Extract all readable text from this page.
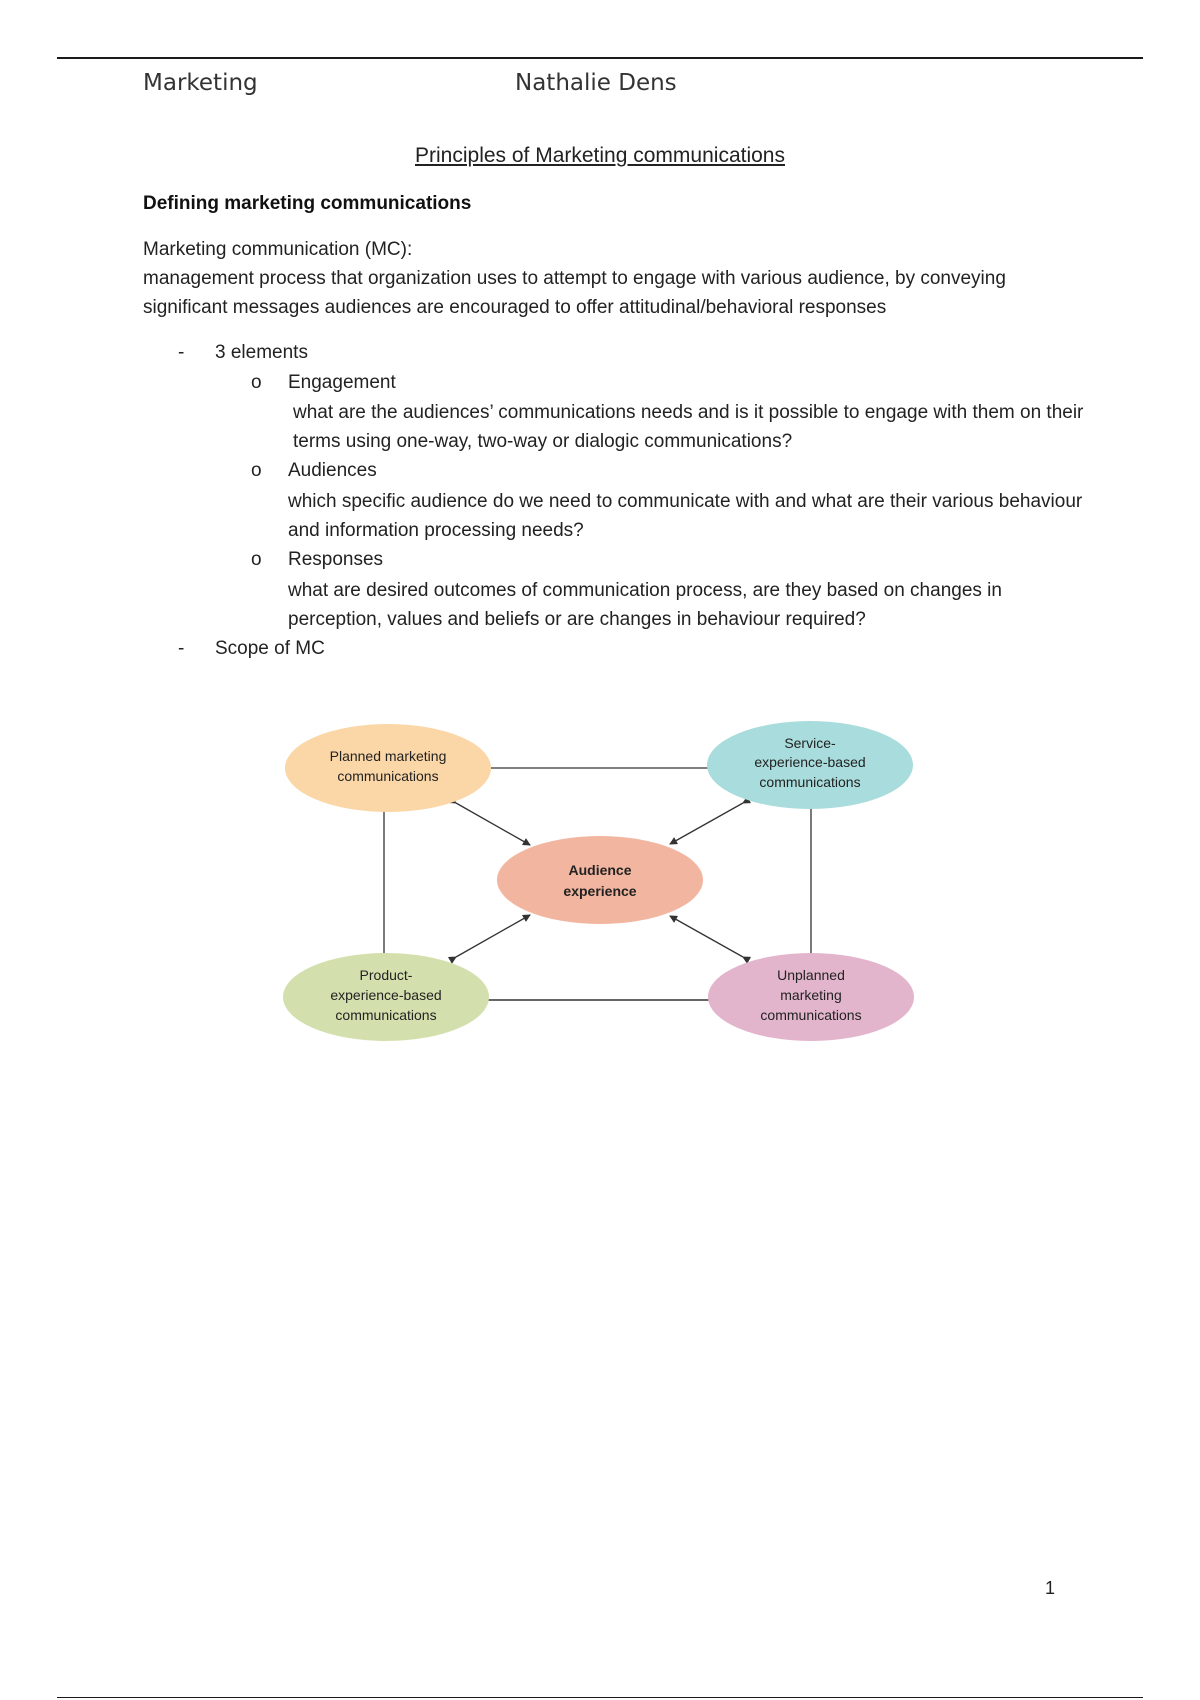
Marketing	Nathalie Dens
Principles of Marketing communications
Defining marketing communications
Marketing communication (MC):
management process that organization uses to attempt to engage with various audience, by conveying significant messages audiences are encouraged to offer attitudinal/behavioral responses
- 3 elements
o Engagement
what are the audiences’ communications needs and is it possible to engage with them on their terms using one-way, two-way or dialogic communications?
o Audiences
which specific audience do we need to communicate with and what are their various behaviour and information processing needs?
o Responses
what are desired outcomes of communication process, are they based on changes in perception, values and beliefs or are changes in behaviour required?
- Scope of MC
Planned marketing
communications
Service-
experience-based
communications
Audience
experience
Product-
experience-based
communications
Unplanned
marketing
communications
1
